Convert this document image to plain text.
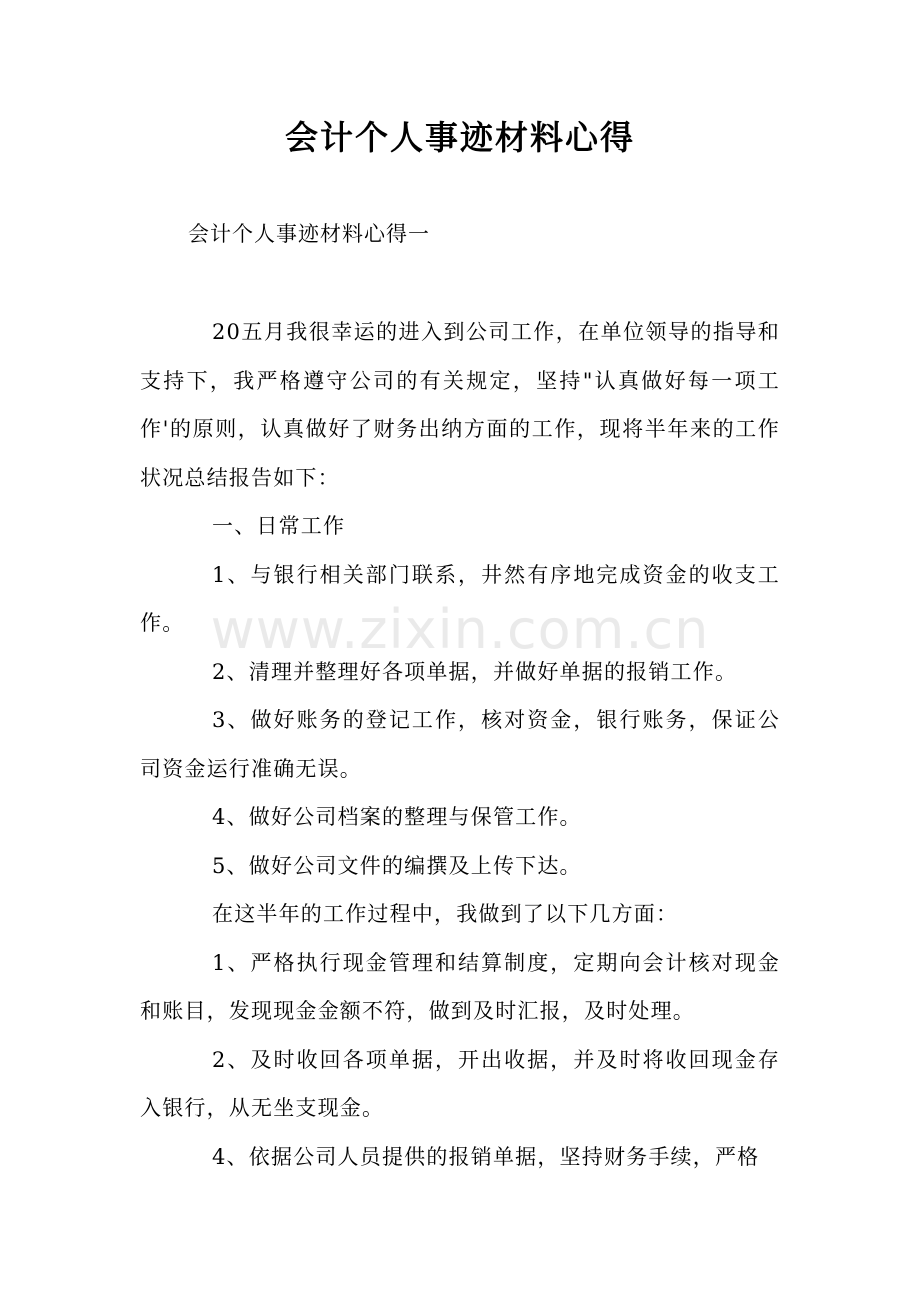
会计个人事迹材料心得
会计个人事迹材料心得一

20五月我很幸运的进入到公司工作，在单位领导的指导和支持下，我严格遵守公司的有关规定，坚持"认真做好每一项工作'的原则，认真做好了财务出纳方面的工作，现将半年来的工作状况总结报告如下：

一、日常工作

1、与银行相关部门联系，井然有序地完成资金的收支工作。

2、清理并整理好各项单据，并做好单据的报销工作。

3、做好账务的登记工作，核对资金，银行账务，保证公司资金运行准确无误。

4、做好公司档案的整理与保管工作。

5、做好公司文件的编撰及上传下达。

在这半年的工作过程中，我做到了以下几方面：

1、严格执行现金管理和结算制度，定期向会计核对现金和账目，发现现金金额不符，做到及时汇报，及时处理。

2、及时收回各项单据，开出收据，并及时将收回现金存入银行，从无坐支现金。

4、依据公司人员提供的报销单据，坚持财务手续，严格

www.zixin.com.cn
